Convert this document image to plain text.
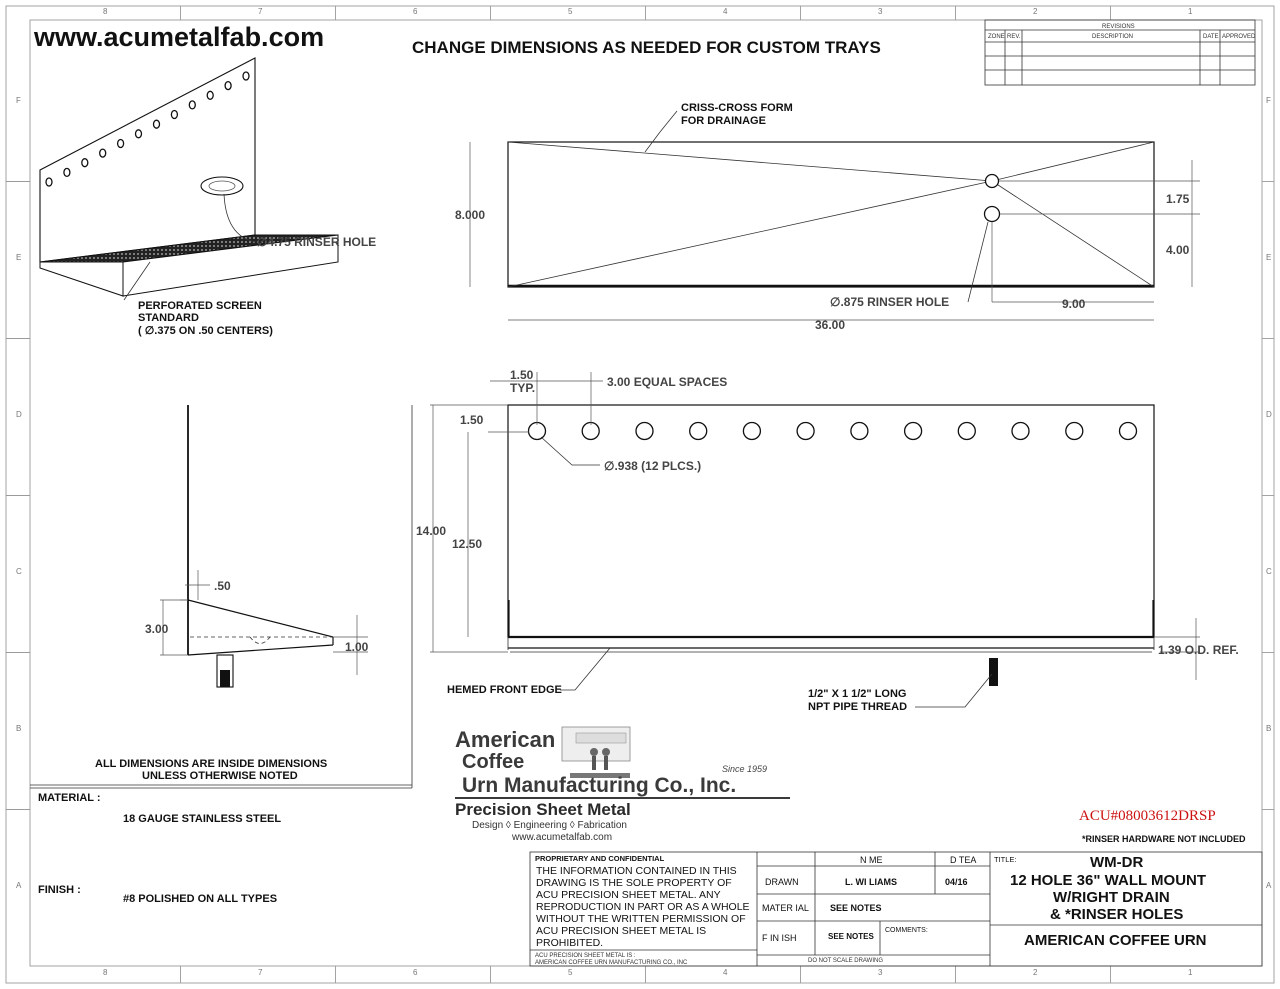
8
8
7
7
6
6
5
5
4
4
3
3
2
2
1
1
F	F
E	E
D	D
C	C
B	B
A	A
www.acumetalfab.com	CHANGE DIMENSIONS AS NEEDED FOR CUSTOM TRAYS
REVISIONS
ZONE REV.	DESCRIPTION	DATE APPROVED
∅4.75 RINSER HOLE
PERFORATED SCREEN
STANDARD
( ∅.375 ON .50 CENTERS)
CRISS-CROSS FORM
FOR DRAINAGE
8.000
1.75
4.00
∅.875 RINSER HOLE	9.00
36.00
14.00
12.50
1.50
1.50
TYP.	3.00 EQUAL SPACES
∅.938 (12 PLCS.)
1.39 O.D. REF.
HEMED FRONT EDGE	1/2" X 1 1/2" LONG
NPT PIPE THREAD
3.00
.50
1.00
ALL DIMENSIONS ARE INSIDE DIMENSIONS
UNLESS OTHERWISE NOTED
MATERIAL :
18 GAUGE STAINLESS STEEL
FINISH :
#8 POLISHED ON ALL TYPES
American
Coffee
Urn Manufacturing Co., Inc.
Since 1959
Precision Sheet Metal
Design ◊ Engineering ◊ Fabrication
www.acumetalfab.com
ACU#08003612DRSP
*RINSER HARDWARE NOT INCLUDED
PROPRIETARY AND CONFIDENTIAL
THE INFORMATION CONTAINED IN THIS
DRAWING IS THE SOLE PROPERTY OF
ACU PRECISION SHEET METAL. ANY
REPRODUCTION IN PART OR AS A WHOLE
WITHOUT THE WRITTEN PERMISSION OF
ACU PRECISION SHEET METAL IS
PROHIBITED.
ACU PRECISION SHEET METAL IS :
AMERICAN COFFEE URN MANUFACTURING CO., INC
N ME	D TEA
DRAWN	L. WI LIAMS	04/16
MATER IAL SEE NOTES
F IN ISH	SEE NOTES
COMMENTS:
DO NOT SCALE DRAWING
TITLE:	WM-DR
12 HOLE 36" WALL MOUNT
W/RIGHT DRAIN
& *RINSER HOLES
AMERICAN COFFEE URN
